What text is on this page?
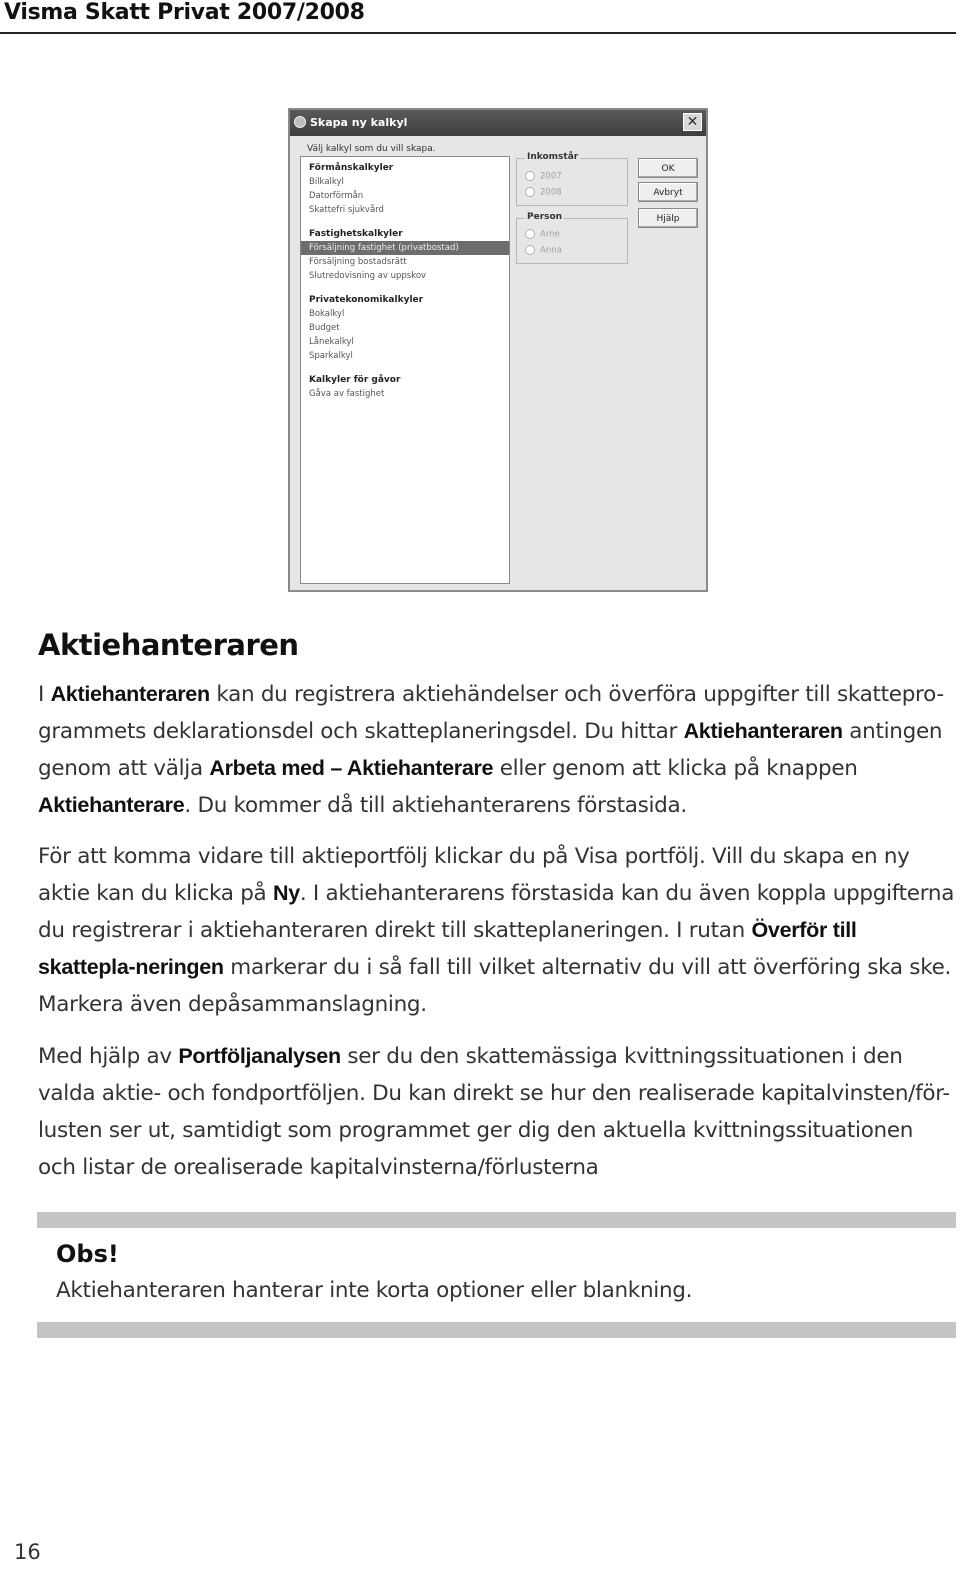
Visma Skatt Privat 2007/2008
Skapa ny kalkyl	✕
Välj kalkyl som du vill skapa.
Förmånskalkyler
Bilkalkyl
Datorförmån
Skattefri sjukvård
Fastighetskalkyler
Försäljning fastighet (privatbostad)
Försäljning bostadsrätt
Slutredovisning av uppskov
Privatekonomikalkyler
Bokalkyl
Budget
Lånekalkyl
Sparkalkyl
Kalkyler för gåvor
Gåva av fastighet
Inkomstår
2007
2008
Person
Arne
Anna
OK
Avbryt
Hjälp
Aktiehanteraren
I Aktiehanteraren kan du registrera aktiehändelser och överföra uppgifter till skattepro-grammets deklarationsdel och skatteplaneringsdel. Du hittar Aktiehanteraren antingen genom att välja Arbeta med – Aktiehanterare eller genom att klicka på knappen Aktiehanterare. Du kommer då till aktiehanterarens förstasida.
För att komma vidare till aktieportfölj klickar du på Visa portfölj. Vill du skapa en ny aktie kan du klicka på Ny. I aktiehanterarens förstasida kan du även koppla uppgifterna du registrerar i aktiehanteraren direkt till skatteplaneringen. I rutan Överför till skattepla-neringen markerar du i så fall till vilket alternativ du vill att överföring ska ske. Markera även depåsammanslagning.
Med hjälp av Portföljanalysen ser du den skattemässiga kvittningssituationen i den valda aktie- och fondportföljen. Du kan direkt se hur den realiserade kapitalvinsten/för-lusten ser ut, samtidigt som programmet ger dig den aktuella kvittningssituationen och listar de orealiserade kapitalvinsterna/förlusterna
Obs!
Aktiehanteraren hanterar inte korta optioner eller blankning.
16
